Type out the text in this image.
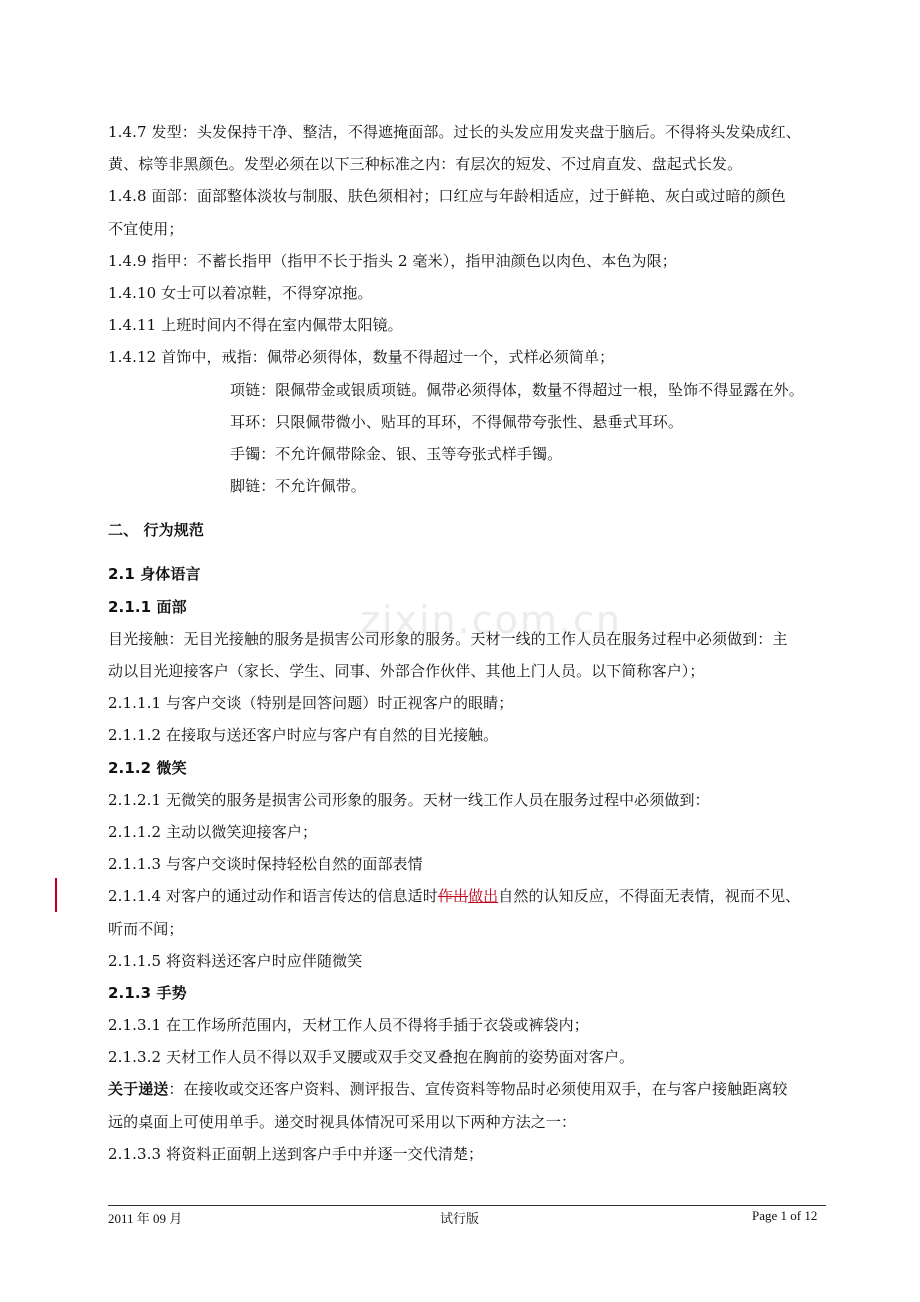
zixin.com.cn
1.4.7 发型：头发保持干净、整洁，不得遮掩面部。过长的头发应用发夹盘于脑后。不得将头发染成红、
黄、棕等非黑颜色。发型必须在以下三种标准之内：有层次的短发、不过肩直发、盘起式长发。
1.4.8 面部：面部整体淡妆与制服、肤色须相衬；口红应与年龄相适应，过于鲜艳、灰白或过暗的颜色
不宜使用；
1.4.9 指甲：不蓄长指甲（指甲不长于指头 2 毫米），指甲油颜色以肉色、本色为限；
1.4.10 女士可以着凉鞋，不得穿凉拖。
1.4.11 上班时间内不得在室内佩带太阳镜。
1.4.12 首饰中，戒指：佩带必须得体，数量不得超过一个，式样必须简单；
项链：限佩带金或银质项链。佩带必须得体，数量不得超过一根，坠饰不得显露在外。
耳环：只限佩带微小、贴耳的耳环，不得佩带夸张性、悬垂式耳环。
手镯：不允许佩带除金、银、玉等夸张式样手镯。
脚链：不允许佩带。
二、 行为规范
2.1 身体语言
2.1.1 面部
目光接触：无目光接触的服务是损害公司形象的服务。天材一线的工作人员在服务过程中必须做到：主
动以目光迎接客户（家长、学生、同事、外部合作伙伴、其他上门人员。以下简称客户）；
2.1.1.1 与客户交谈（特别是回答问题）时正视客户的眼睛；
2.1.1.2 在接取与送还客户时应与客户有自然的目光接触。
2.1.2 微笑
2.1.2.1 无微笑的服务是损害公司形象的服务。天材一线工作人员在服务过程中必须做到：
2.1.1.2 主动以微笑迎接客户；
2.1.1.3 与客户交谈时保持轻松自然的面部表情
2.1.1.4 对客户的通过动作和语言传达的信息适时作出做出自然的认知反应，不得面无表情，视而不见、
听而不闻；
2.1.1.5 将资料送还客户时应伴随微笑
2.1.3 手势
2.1.3.1 在工作场所范围内，天材工作人员不得将手插于衣袋或裤袋内；
2.1.3.2 天材工作人员不得以双手叉腰或双手交叉叠抱在胸前的姿势面对客户。
关于递送：在接收或交还客户资料、测评报告、宣传资料等物品时必须使用双手，在与客户接触距离较
远的桌面上可使用单手。递交时视具体情况可采用以下两种方法之一：
2.1.3.3 将资料正面朝上送到客户手中并逐一交代清楚；
2011 年 09 月	试行版	Page 1 of 12
